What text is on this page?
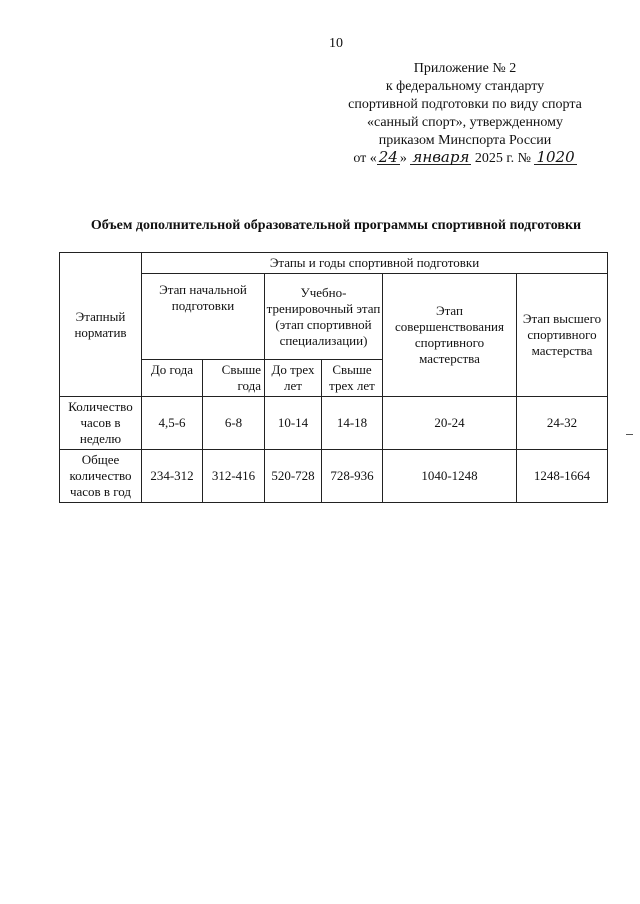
10
Приложение № 2
к федеральному стандарту
спортивной подготовки по виду спорта
«санный спорт», утвержденному
приказом Минспорта России
от « 24 » января 2025 г. № 1020
Объем дополнительной образовательной программы спортивной подготовки
Этапный норматив	Этапы и годы спортивной подготовки					
	Этап начальной подготовки		Учебно-тренировочный этап (этап спортивной специализации)		Этап совершенствования спортивного мастерства	Этап высшего спортивного мастерства
	До года	Свыше года	До трех лет	Свыше трех лет		
Количество часов в неделю	4,5-6	6-8	10-14	14-18	20-24	24-32
Общее количество часов в год	234-312	312-416	520-728	728-936	1040-1248	1248-1664
